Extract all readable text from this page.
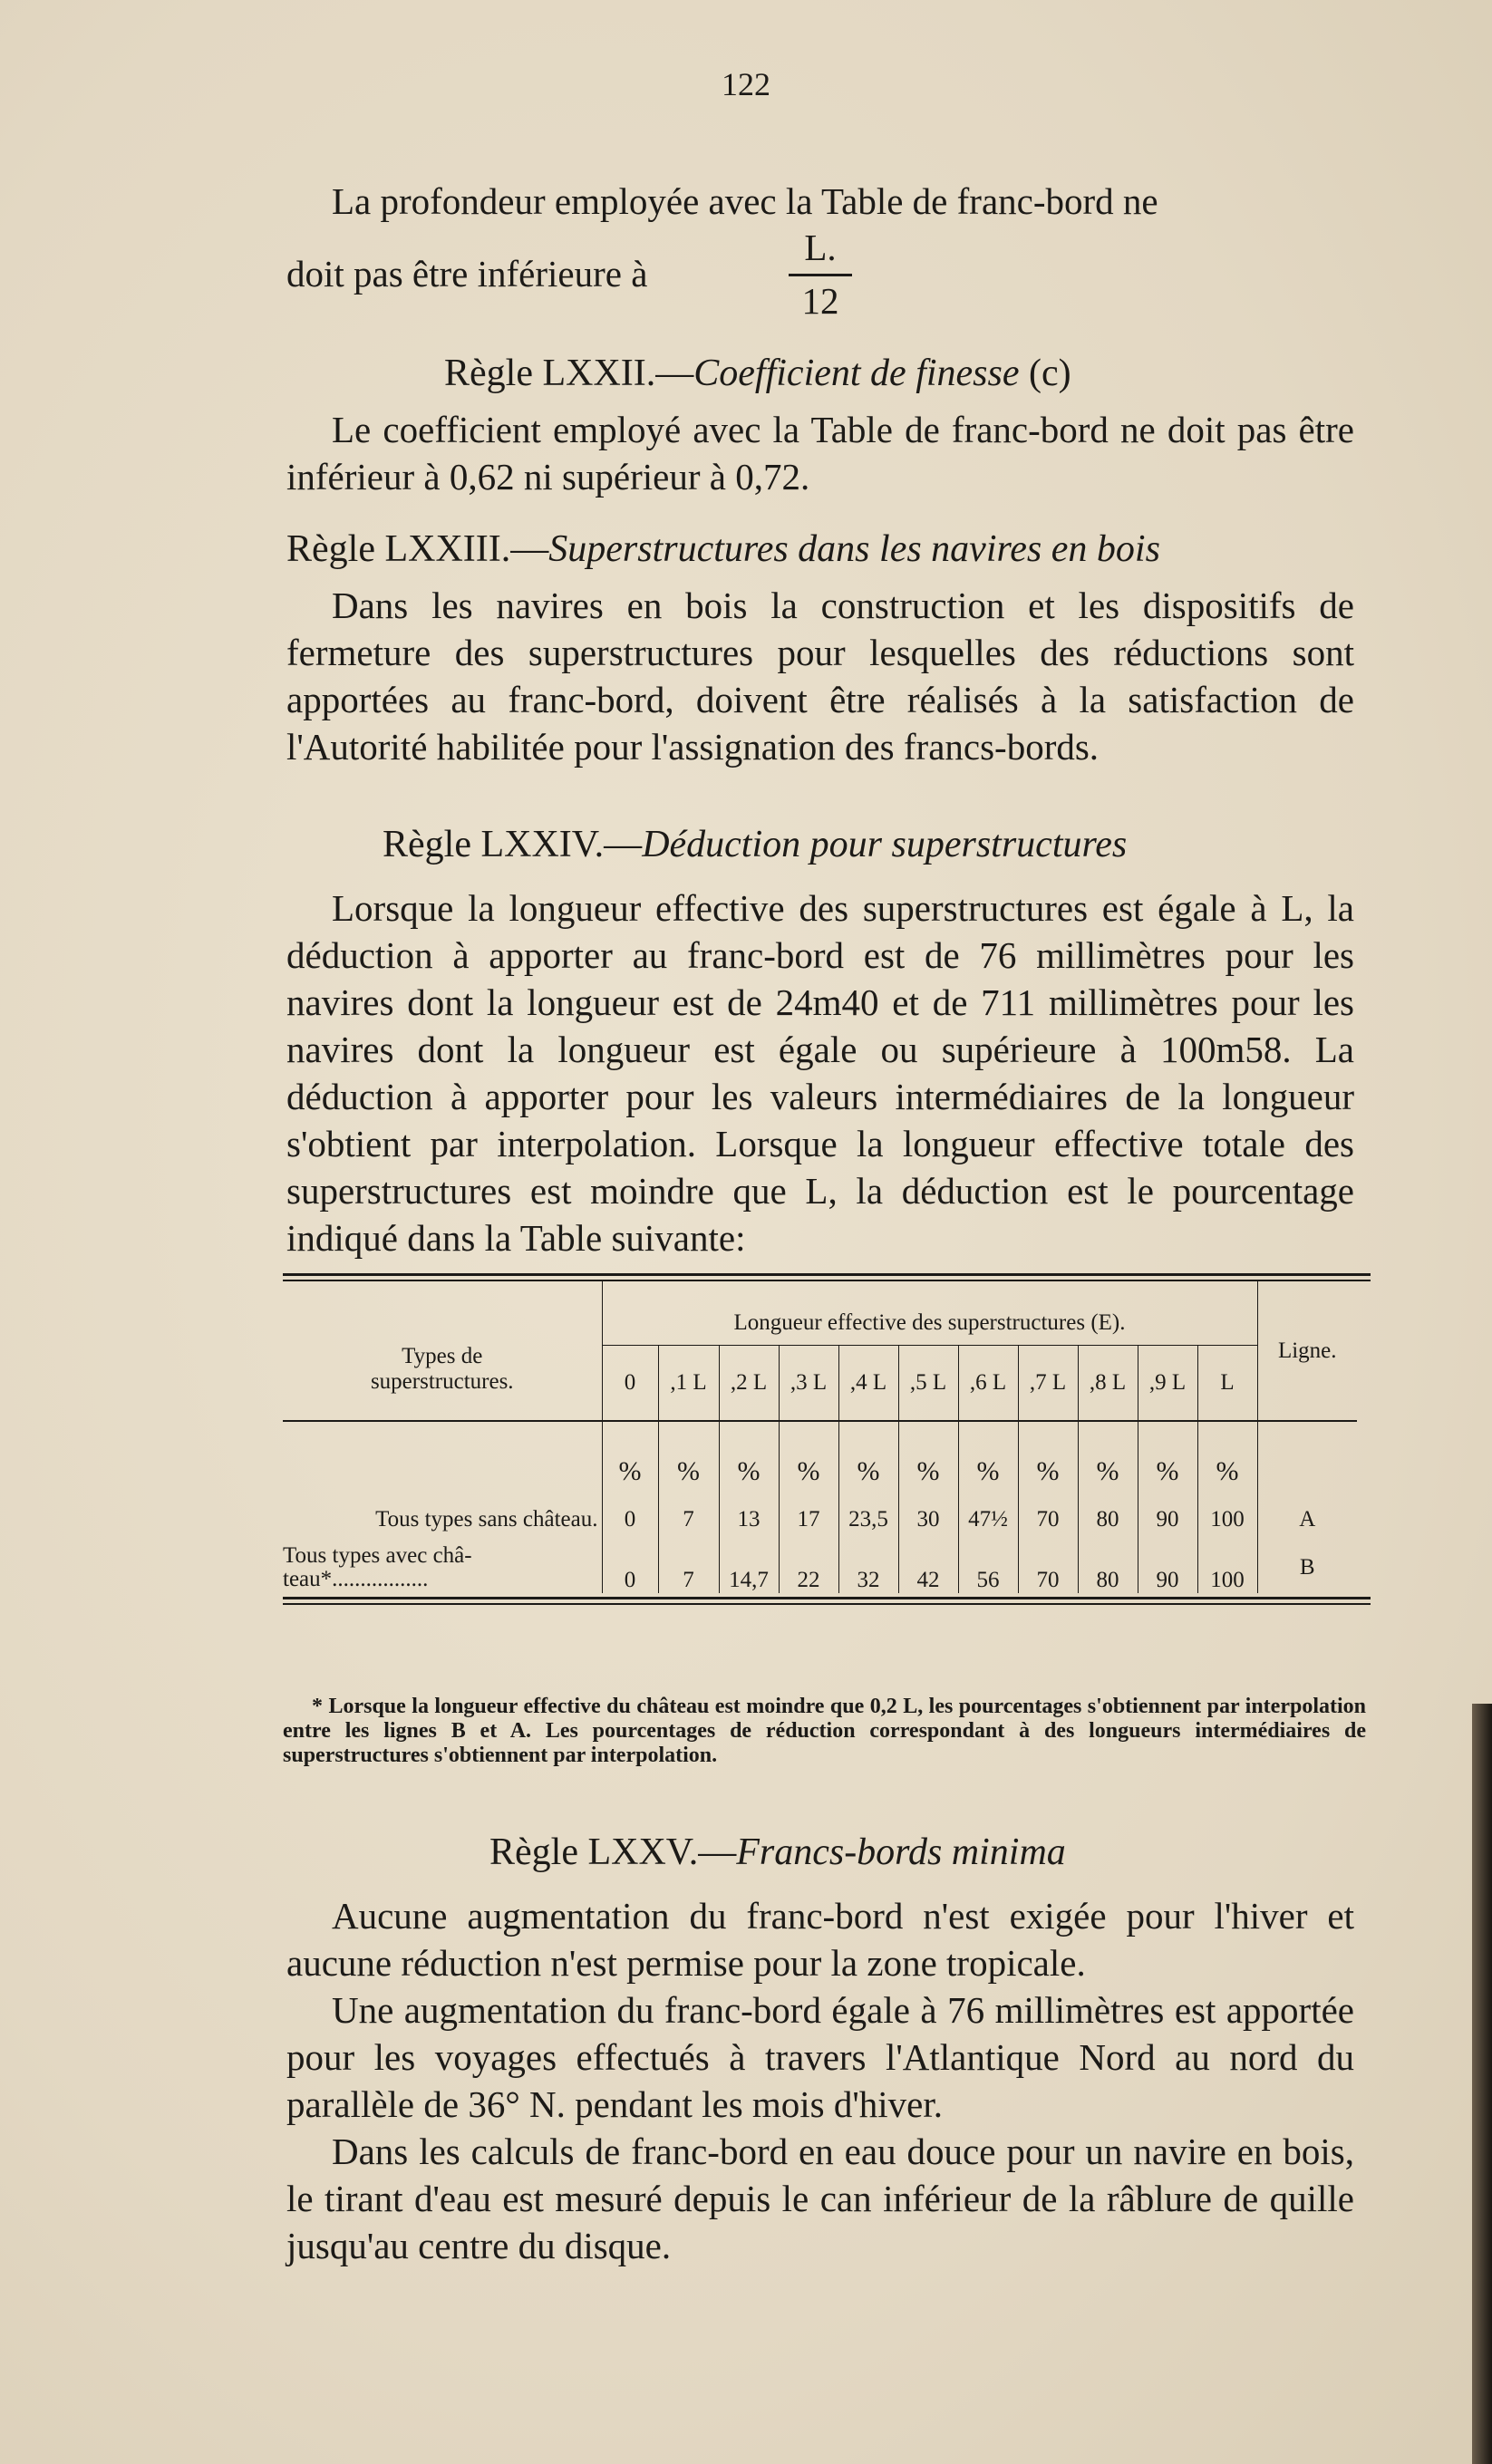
122

La profondeur employée avec la Table de franc-bord ne

doit pas être inférieure à
L.
12
Règle LXXII.—Coefficient de finesse (c)

Le coefficient employé avec la Table de franc-bord ne doit pas être inférieur à 0,62 ni supérieur à 0,72.

Règle LXXIII.—Superstructures dans les navires en bois

Dans les navires en bois la construction et les dispositifs de fermeture des superstructures pour lesquelles des réductions sont apportées au franc-bord, doivent être réalisés à la satisfaction de l'Autorité habilitée pour l'assignation des francs-bords.

Règle LXXIV.—Déduction pour superstructures

Lorsque la longueur effective des superstructures est égale à L, la déduction à apporter au franc-bord est de 76 millimètres pour les navires dont la longueur est de 24m40 et de 711 millimètres pour les navires dont la longueur est égale ou supérieure à 100m58. La déduction à apporter pour les valeurs intermédiaires de la longueur s'obtient par interpolation. Lorsque la longueur effective totale des superstructures est moindre que L, la déduction est le pourcentage indiqué dans la Table suivante:

Types de
superstructures.	Longueur effective des superstructures (E).											Ligne.
	0	,1 L	,2 L	,3 L	,4 L	,5 L	,6 L	,7 L	,8 L	,9 L	L	

	%	%	%	%	%	%	%	%	%	%	%	
Tous types sans château.	0	7	13	17	23,5	30	47½	70	80	90	100	A
Tous types avec châ-
teau*.................	0	7	14,7	22	32	42	56	70	80	90	100	B

* Lorsque la longueur effective du château est moindre que 0,2 L, les pourcentages s'obtiennent par interpolation entre les lignes B et A. Les pourcentages de réduction correspondant à des longueurs intermédiaires de superstructures s'obtiennent par interpolation.

Règle LXXV.—Francs-bords minima

Aucune augmentation du franc-bord n'est exigée pour l'hiver et aucune réduction n'est permise pour la zone tropicale.

Une augmentation du franc-bord égale à 76 millimètres est apportée pour les voyages effectués à travers l'Atlantique Nord au nord du parallèle de 36° N. pendant les mois d'hiver.

Dans les calculs de franc-bord en eau douce pour un navire en bois, le tirant d'eau est mesuré depuis le can inférieur de la râblure de quille jusqu'au centre du disque.
